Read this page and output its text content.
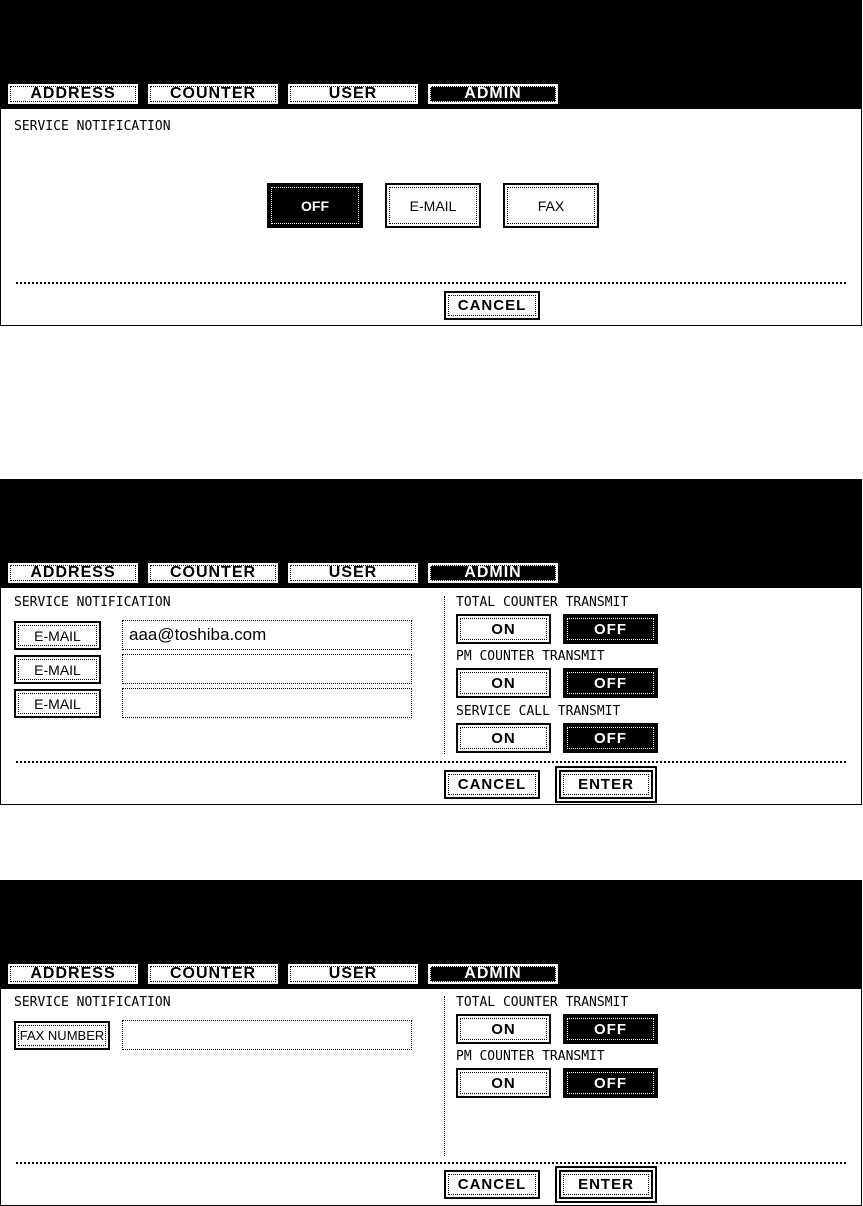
ADDRESS	COUNTER	USER	ADMIN
SERVICE NOTIFICATION
OFF	E-MAIL	FAX
CANCEL
ADDRESS	COUNTER	USER	ADMIN
SERVICE NOTIFICATION
E-MAIL	aaa@toshiba.com
E-MAIL
E-MAIL
TOTAL COUNTER TRANSMIT
ON	OFF
PM COUNTER TRANSMIT
ON	OFF
SERVICE CALL TRANSMIT
ON	OFF
CANCEL	ENTER
ADDRESS	COUNTER	USER	ADMIN
SERVICE NOTIFICATION
FAX NUMBER
TOTAL COUNTER TRANSMIT
ON	OFF
PM COUNTER TRANSMIT
ON	OFF
CANCEL	ENTER
